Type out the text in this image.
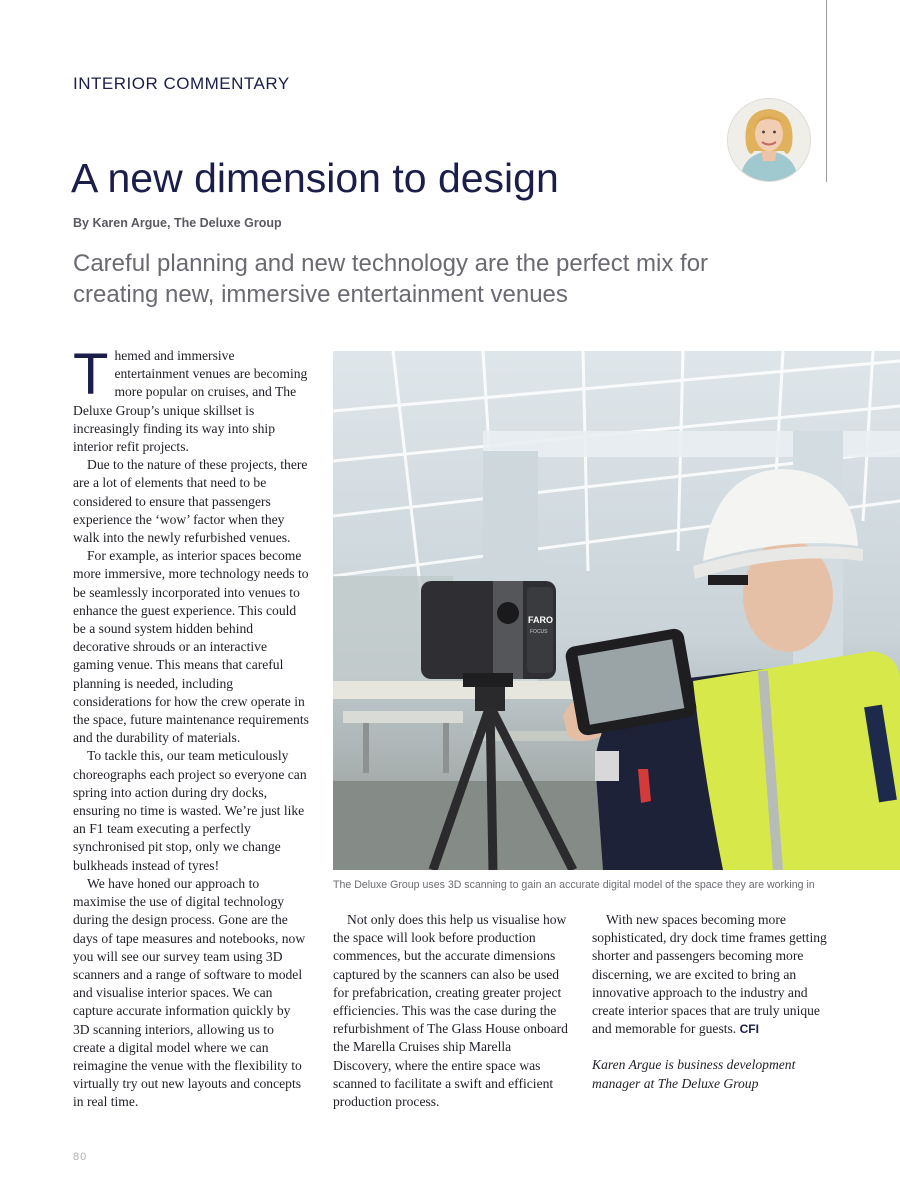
INTERIOR COMMENTARY
A new dimension to design
By Karen Argue, The Deluxe Group

Careful planning and new technology are the perfect mix for creating new, immersive entertainment venues

Themed and immersive entertainment venues are becoming more popular on cruises, and The Deluxe Group’s unique skillset is increasingly finding its way into ship interior refit projects.

Due to the nature of these projects, there are a lot of elements that need to be considered to ensure that passengers experience the ‘wow’ factor when they walk into the newly refurbished venues.

For example, as interior spaces become more immersive, more technology needs to be seamlessly incorporated into venues to enhance the guest experience. This could be a sound system hidden behind decorative shrouds or an interactive gaming venue. This means that careful planning is needed, including considerations for how the crew operate in the space, future maintenance requirements and the durability of materials.

To tackle this, our team meticulously choreographs each project so everyone can spring into action during dry docks, ensuring no time is wasted. We’re just like an F1 team executing a perfectly synchronised pit stop, only we change bulkheads instead of tyres!

We have honed our approach to maximise the use of digital technology during the design process. Gone are the days of tape measures and notebooks, now you will see our survey team using 3D scanners and a range of software to model and visualise interior spaces. We can capture accurate information quickly by 3D scanning interiors, allowing us to create a digital model where we can reimagine the venue with the flexibility to virtually try out new layouts and concepts in real time.

FARO
FOCUS
The Deluxe Group uses 3D scanning to gain an accurate digital model of the space they are working in

Not only does this help us visualise how the space will look before production commences, but the accurate dimensions captured by the scanners can also be used for prefabrication, creating greater project efficiencies. This was the case during the refurbishment of The Glass House onboard the Marella Cruises ship Marella Discovery, where the entire space was scanned to facilitate a swift and efficient production process.

With new spaces becoming more sophisticated, dry dock time frames getting shorter and passengers becoming more discerning, we are excited to bring an innovative approach to the industry and create interior spaces that are truly unique and memorable for guests. CFI

Karen Argue is business development manager at The Deluxe Group

80
